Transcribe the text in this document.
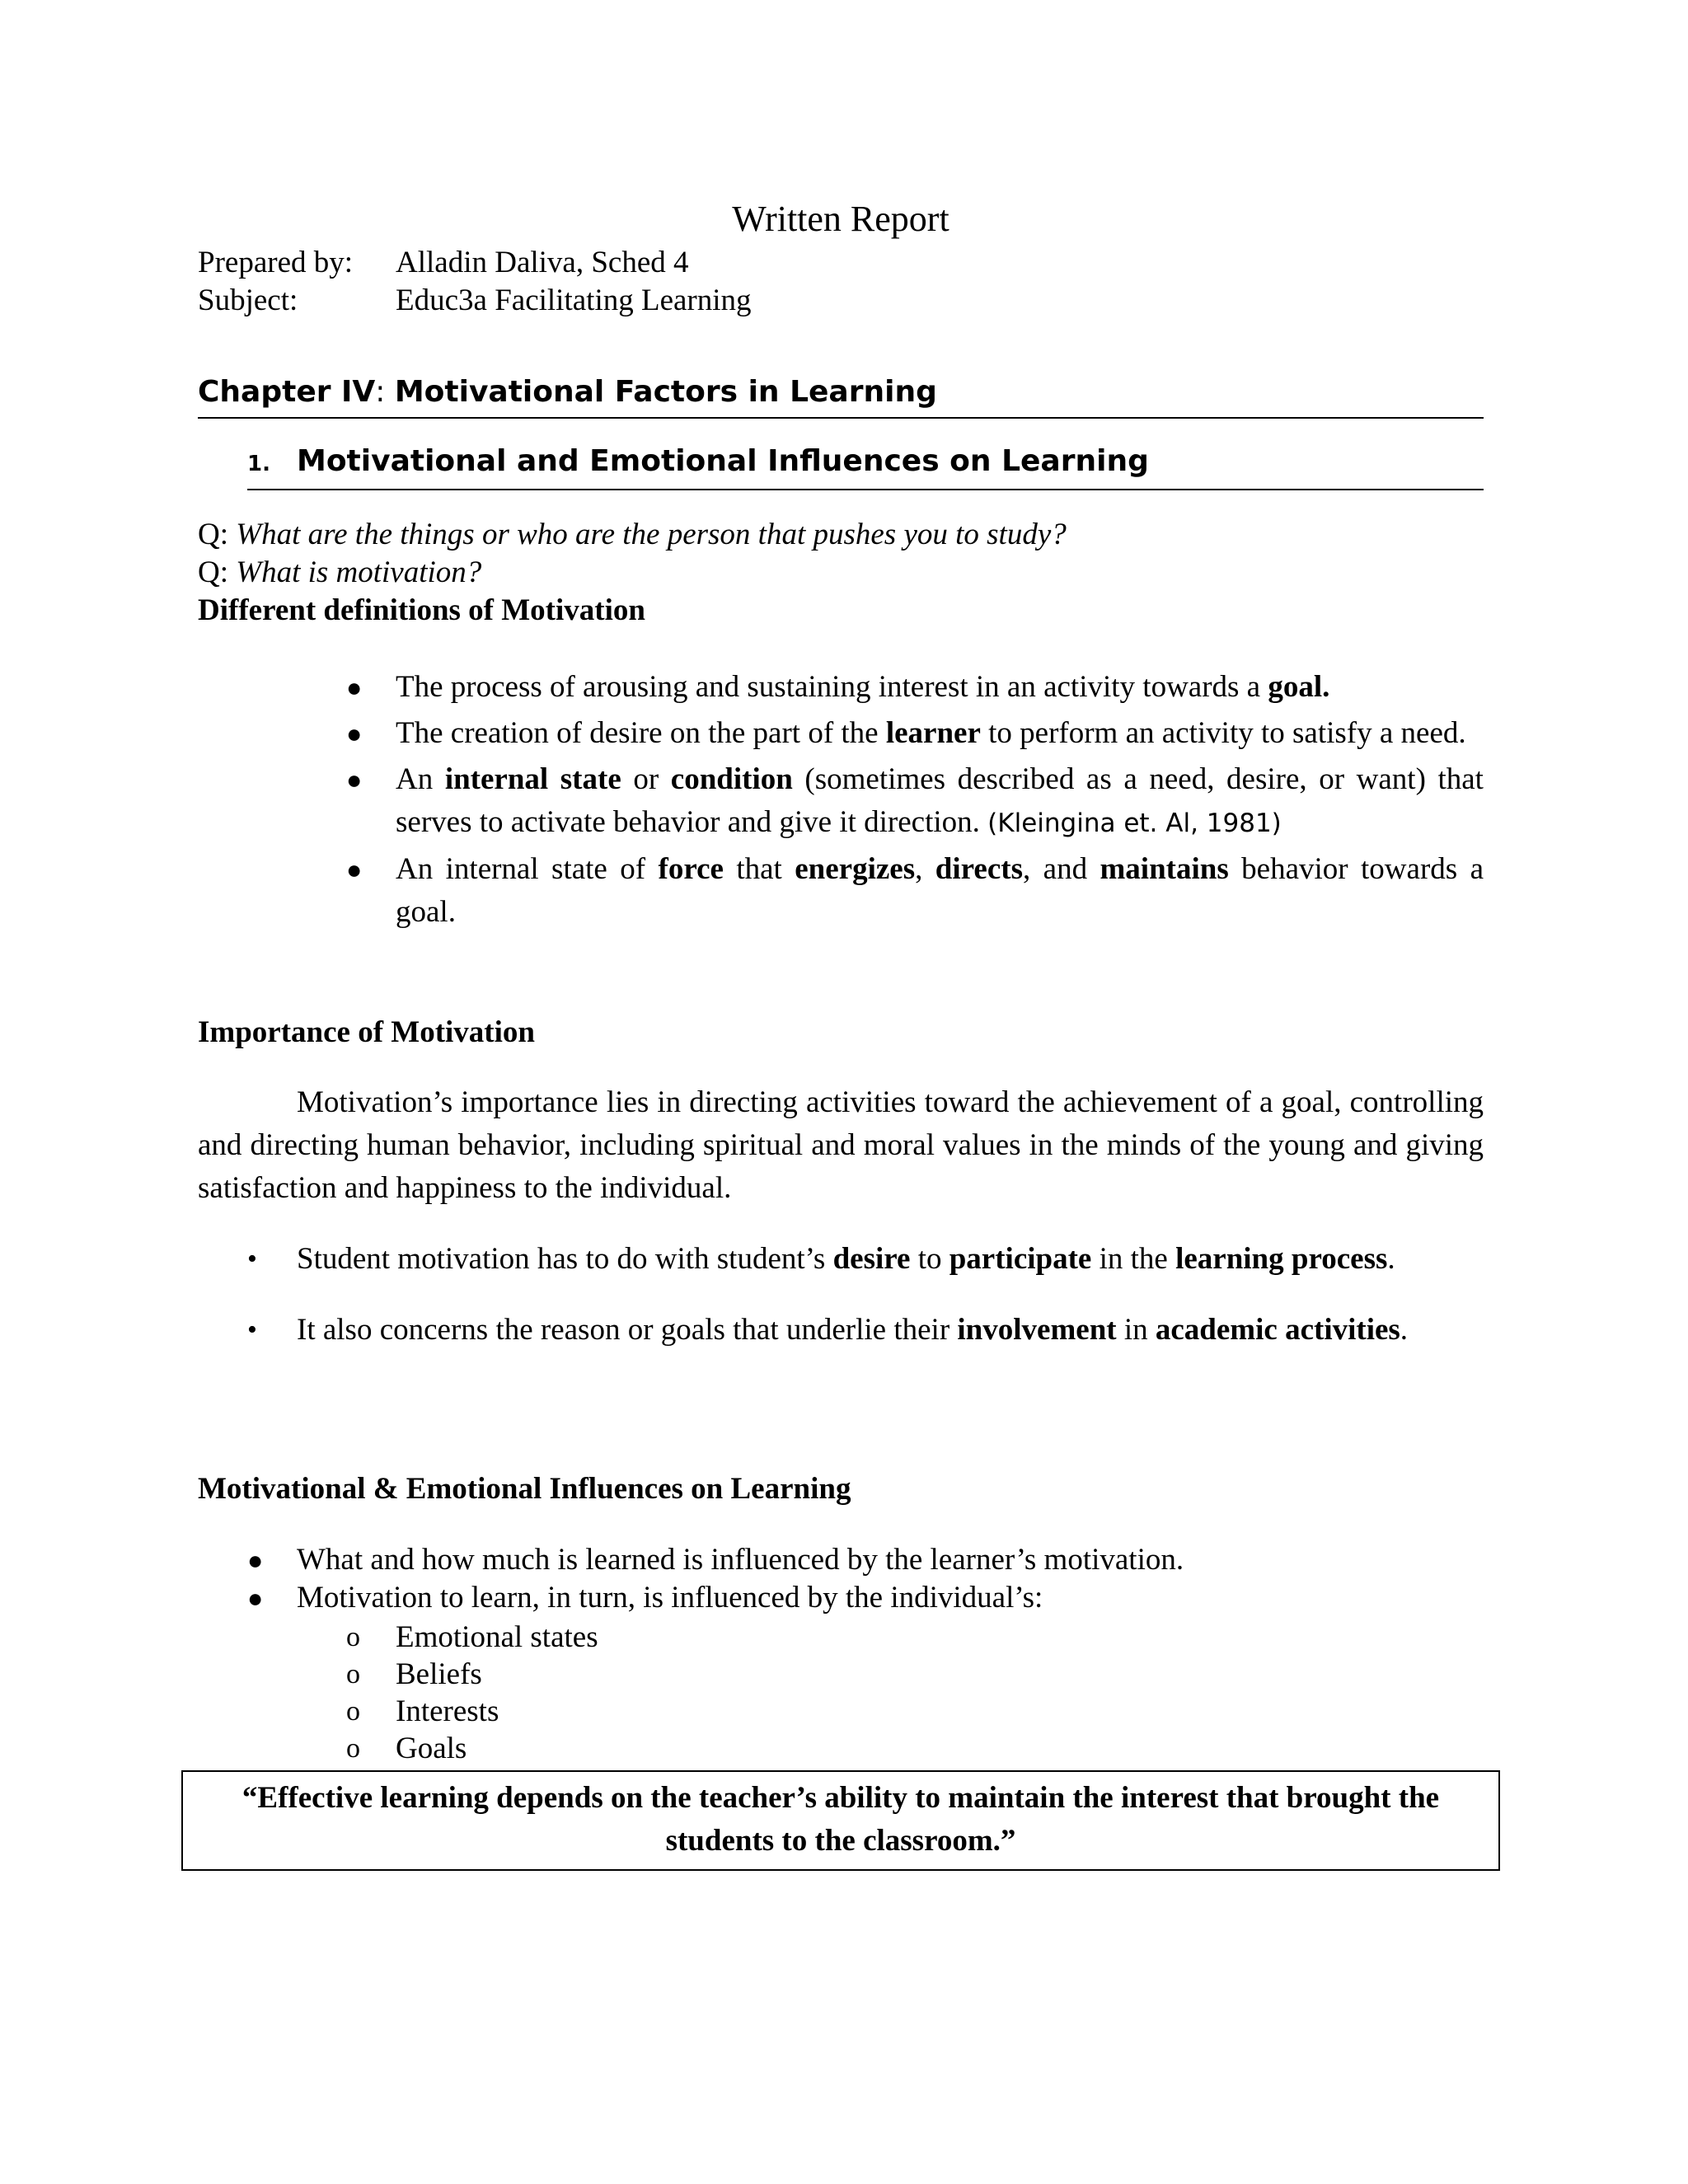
Written Report
Prepared by: Alladin Daliva, Sched 4
Subject:	Educ3a Facilitating Learning
Chapter IV: Motivational Factors in Learning
1. Motivational and Emotional Influences on Learning
Q: What are the things or who are the person that pushes you to study?
Q: What is motivation?
Different definitions of Motivation
● The process of arousing and sustaining interest in an activity towards a goal.
● The creation of desire on the part of the learner to perform an activity to satisfy a need.
● An internal state or condition (sometimes described as a need, desire, or want) that serves to activate behavior and give it direction. (Kleingina et. Al, 1981)
● An internal state of force that energizes, directs, and maintains behavior towards a goal.
Importance of Motivation
Motivation’s importance lies in directing activities toward the achievement of a goal, controlling and directing human behavior, including spiritual and moral values in the minds of the young and giving satisfaction and happiness to the individual.
• Student motivation has to do with student’s desire to participate in the learning process.
• It also concerns the reason or goals that underlie their involvement in academic activities.
Motivational & Emotional Influences on Learning
● What and how much is learned is influenced by the learner’s motivation.
● Motivation to learn, in turn, is influenced by the individual’s:
o Emotional states
o Beliefs
o Interests
o Goals
“Effective learning depends on the teacher’s ability to maintain the interest that brought the students to the classroom.”
